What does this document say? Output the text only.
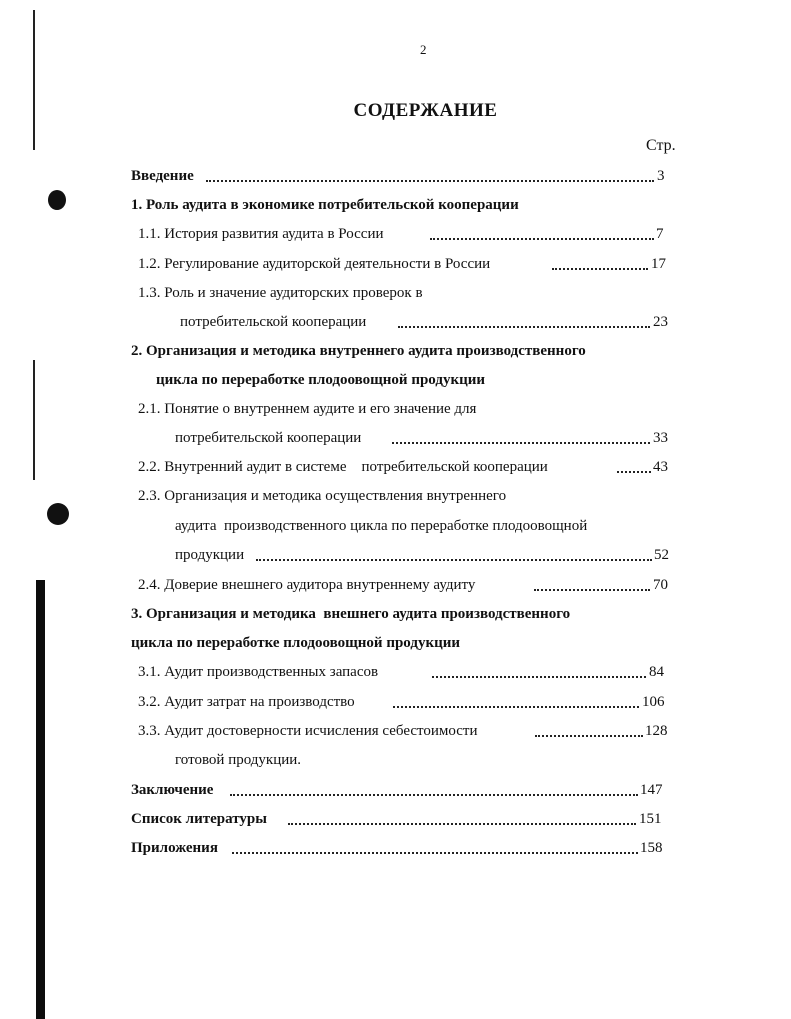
2
СОДЕРЖАНИЕ
Стр.
Введение	3
1. Роль аудита в экономике потребительской кооперации
1.1. История развития аудита в России	7
1.2. Регулирование аудиторской деятельности в России	17
1.3. Роль и значение аудиторских проверок в
потребительской кооперации	23
2. Организация и методика внутреннего аудита производственного
цикла по переработке плодоовощной продукции
2.1. Понятие о внутреннем аудите и его значение для
потребительской кооперации	33
2.2. Внутренний аудит в системе    потребительской кооперации	43
2.3. Организация и методика осуществления внутреннего
аудита  производственного цикла по переработке плодоовощной
продукции	52
2.4. Доверие внешнего аудитора внутреннему аудиту	70
3. Организация и методика  внешнего аудита производственного
цикла по переработке плодоовощной продукции
3.1. Аудит производственных запасов	84
3.2. Аудит затрат на производство	106
3.3. Аудит достоверности исчисления себестоимости	128
готовой продукции.
Заключение	147
Список литературы	151
Приложения	158
